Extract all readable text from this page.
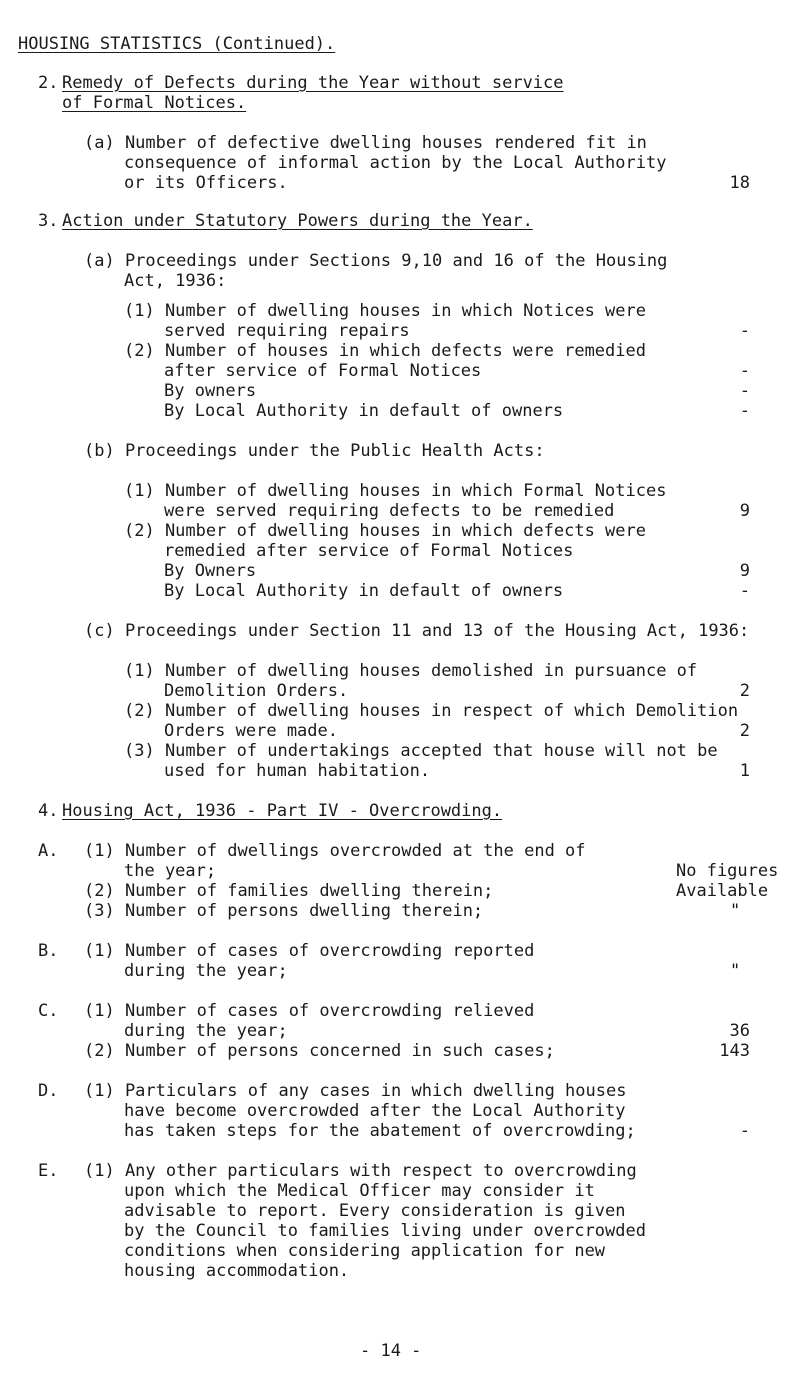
HOUSING STATISTICS (Continued).
2. Remedy of Defects during the Year without service
of Formal Notices.
(a) Number of defective dwelling houses rendered fit in
consequence of informal action by the Local Authority
or its Officers.	18
3. Action under Statutory Powers during the Year.
(a) Proceedings under Sections 9,10 and 16 of the Housing
Act, 1936:
(1) Number of dwelling houses in which Notices were
served requiring repairs	-
(2) Number of houses in which defects were remedied
after service of Formal Notices	-
By owners	-
By Local Authority in default of owners	-
(b) Proceedings under the Public Health Acts:
(1) Number of dwelling houses in which Formal Notices
were served requiring defects to be remedied	9
(2) Number of dwelling houses in which defects were
remedied after service of Formal Notices
By Owners	9
By Local Authority in default of owners	-
(c) Proceedings under Section 11 and 13 of the Housing Act, 1936:
(1) Number of dwelling houses demolished in pursuance of
Demolition Orders.	2
(2) Number of dwelling houses in respect of which Demolition
Orders were made.	2
(3) Number of undertakings accepted that house will not be
used for human habitation.	1
4. Housing Act, 1936 - Part IV - Overcrowding.
A. (1) Number of dwellings overcrowded at the end of
the year;	No figures
(2) Number of families dwelling therein;	Available
(3) Number of persons dwelling therein;	"
B. (1) Number of cases of overcrowding reported
during the year;	"
C. (1) Number of cases of overcrowding relieved
during the year;	36
(2) Number of persons concerned in such cases;	143
D. (1) Particulars of any cases in which dwelling houses
have become overcrowded after the Local Authority
has taken steps for the abatement of overcrowding;	-
E. (1) Any other particulars with respect to overcrowding
upon which the Medical Officer may consider it
advisable to report. Every consideration is given
by the Council to families living under overcrowded
conditions when considering application for new
housing accommodation.
- 14 -
